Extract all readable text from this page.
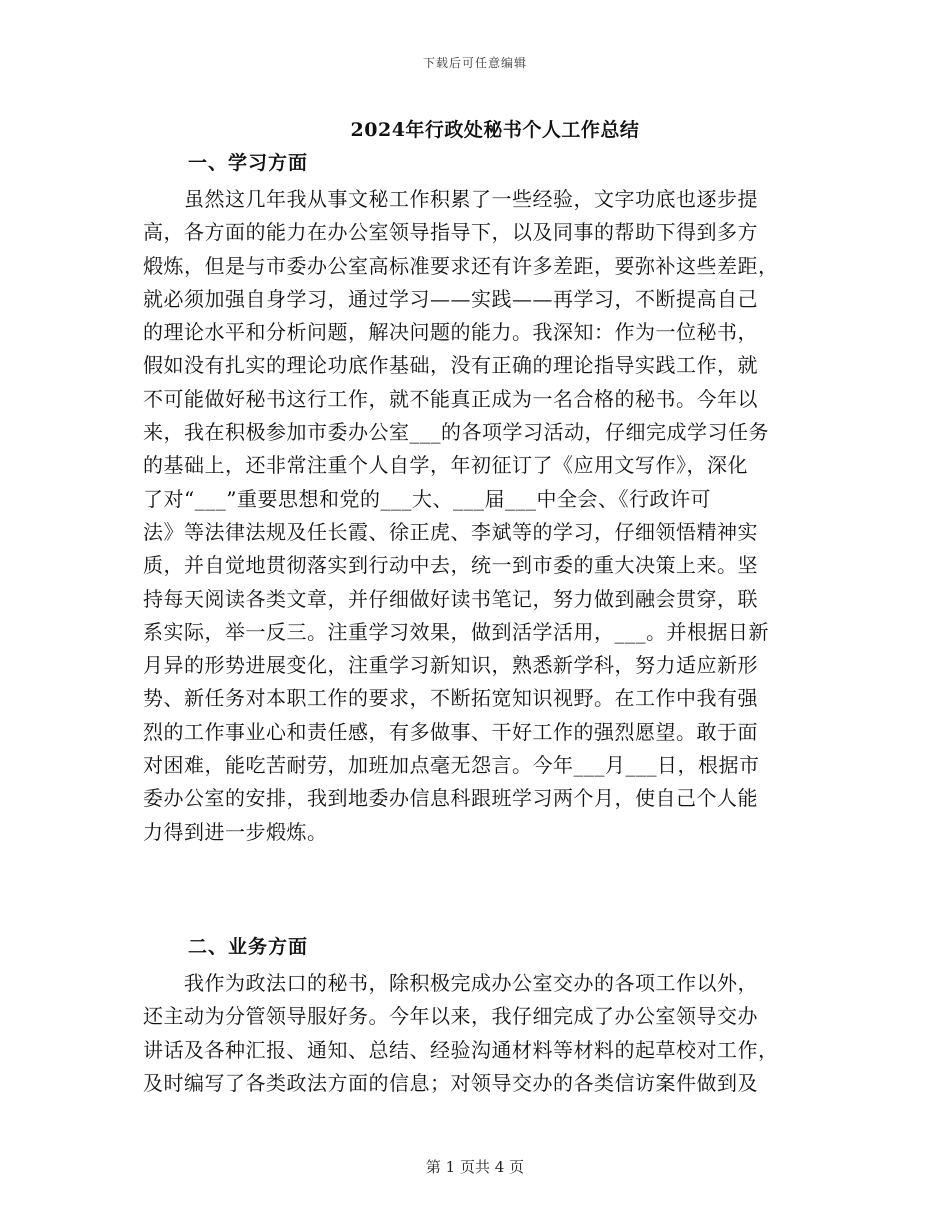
下载后可任意编辑
2024年行政处秘书个人工作总结
一、学习方面

　　虽然这几年我从事文秘工作积累了一些经验，文字功底也逐步提

高，各方面的能力在办公室领导指导下，以及同事的帮助下得到多方

煅炼，但是与市委办公室高标准要求还有许多差距，要弥补这些差距，

就必须加强自身学习，通过学习——实践——再学习，不断提高自己

的理论水平和分析问题，解决问题的能力。我深知：作为一位秘书，

假如没有扎实的理论功底作基础，没有正确的理论指导实践工作，就

不可能做好秘书这行工作，就不能真正成为一名合格的秘书。今年以

来，我在积极参加市委办公室___的各项学习活动，仔细完成学习任务

的基础上，还非常注重个人自学，年初征订了《应用文写作》，深化

了对“___”重要思想和党的___大、___届___中全会、《行政许可

法》等法律法规及任长霞、徐正虎、李斌等的学习，仔细领悟精神实

质，并自觉地贯彻落实到行动中去，统一到市委的重大决策上来。坚

持每天阅读各类文章，并仔细做好读书笔记，努力做到融会贯穿，联

系实际，举一反三。注重学习效果，做到活学活用，___。并根据日新

月异的形势进展变化，注重学习新知识，熟悉新学科，努力适应新形

势、新任务对本职工作的要求，不断拓宽知识视野。在工作中我有强

烈的工作事业心和责任感，有多做事、干好工作的强烈愿望。敢于面

对困难，能吃苦耐劳，加班加点毫无怨言。今年___月___日，根据市

委办公室的安排，我到地委办信息科跟班学习两个月，使自己个人能

力得到进一步煅炼。

二、业务方面

　　我作为政法口的秘书，除积极完成办公室交办的各项工作以外，

还主动为分管领导服好务。今年以来，我仔细完成了办公室领导交办

讲话及各种汇报、通知、总结、经验沟通材料等材料的起草校对工作，

及时编写了各类政法方面的信息；对领导交办的各类信访案件做到及

第 1 页共 4 页
